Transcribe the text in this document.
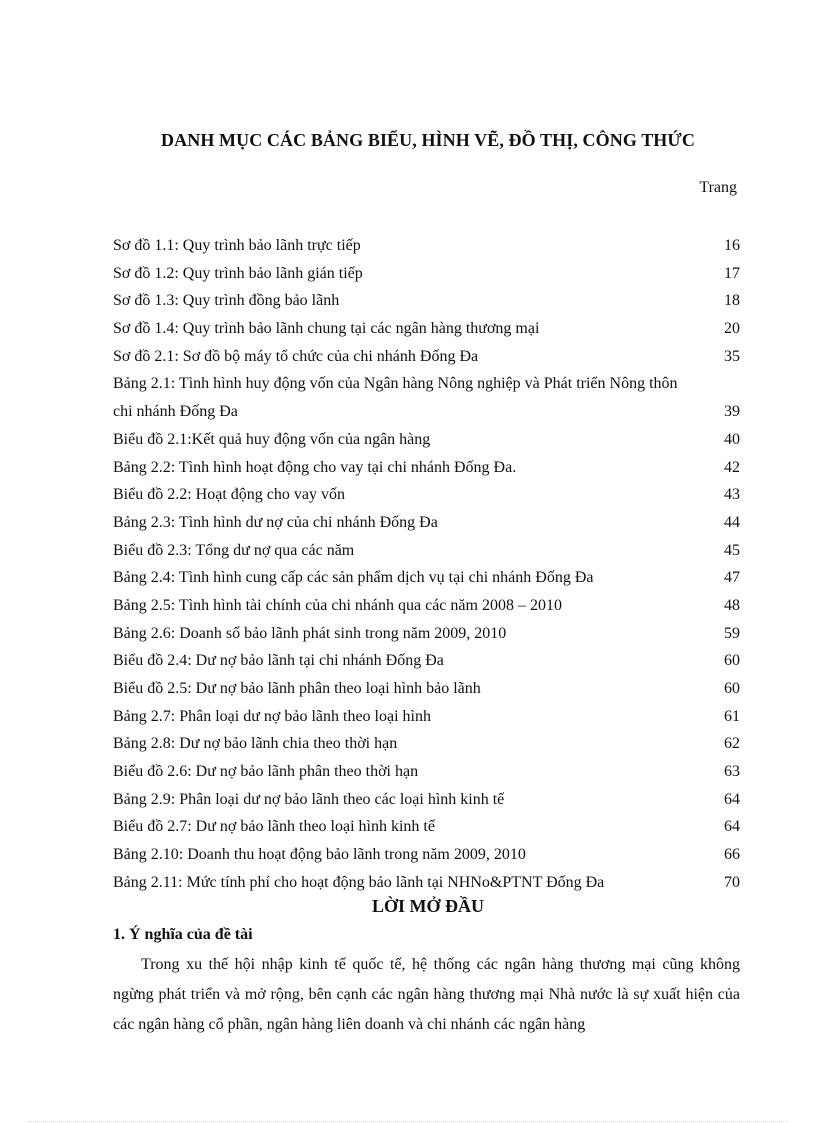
DANH MỤC CÁC BẢNG BIỂU, HÌNH VẼ, ĐỒ THỊ, CÔNG THỨC
Trang
Sơ đồ 1.1: Quy trình bảo lãnh trực tiếp	16
Sơ đồ 1.2: Quy trình bảo lãnh gián tiếp	17
Sơ đồ 1.3: Quy trình đồng bảo lãnh	18
Sơ đồ 1.4: Quy trình bảo lãnh chung tại các ngân hàng thương mại	20
Sơ đồ 2.1: Sơ đồ bộ máy tổ chức của chi nhánh Đống Đa	35
Bảng 2.1: Tình hình huy động vốn của Ngân hàng Nông nghiệp và Phát triển Nông thôn
chi nhánh Đống Đa	39
Biểu đồ 2.1:Kết quả huy động vốn của ngân hàng	40
Bảng 2.2: Tình hình hoạt động cho vay tại chi nhánh Đống Đa.	42
Biểu đồ 2.2: Hoạt động cho vay vốn	43
Bảng 2.3: Tình hình dư nợ của chi nhánh Đống Đa	44
Biểu đồ 2.3: Tổng dư nợ qua các năm	45
Bảng 2.4: Tình hình cung cấp các sản phẩm dịch vụ tại chi nhánh Đống Đa	47
Bảng 2.5: Tình hình tài chính của chi nhánh qua các năm 2008 – 2010	48
Bảng 2.6: Doanh số bảo lãnh phát sinh trong năm 2009, 2010	59
Biểu đồ 2.4: Dư nợ bảo lãnh tại chi nhánh Đống Đa	60
Biểu đồ 2.5: Dư nợ bảo lãnh phân theo loại hình bảo lãnh	60
Bảng 2.7: Phân loại dư nợ bảo lãnh theo loại hình	61
Bảng 2.8: Dư nợ bảo lãnh chia theo thời hạn	62
Biểu đồ 2.6: Dư nợ bảo lãnh phân theo thời hạn	63
Bảng 2.9: Phân loại dư nợ bảo lãnh theo các loại hình kinh tế	64
Biểu đồ 2.7: Dư nợ bảo lãnh theo loại hình kinh tế	64
Bảng 2.10: Doanh thu hoạt động bảo lãnh trong năm 2009, 2010	66
Bảng 2.11: Mức tính phí cho hoạt động bảo lãnh tại NHNo&PTNT Đống Đa	70
LỜI MỞ ĐẦU
1. Ý nghĩa của đề tài

Trong xu thế hội nhập kinh tế quốc tế, hệ thống các ngân hàng thương mại cũng không ngừng phát triển và mở rộng, bên cạnh các ngân hàng thương mại Nhà nước là sự xuất hiện của các ngân hàng cổ phần, ngân hàng liên doanh và chi nhánh các ngân hàng
